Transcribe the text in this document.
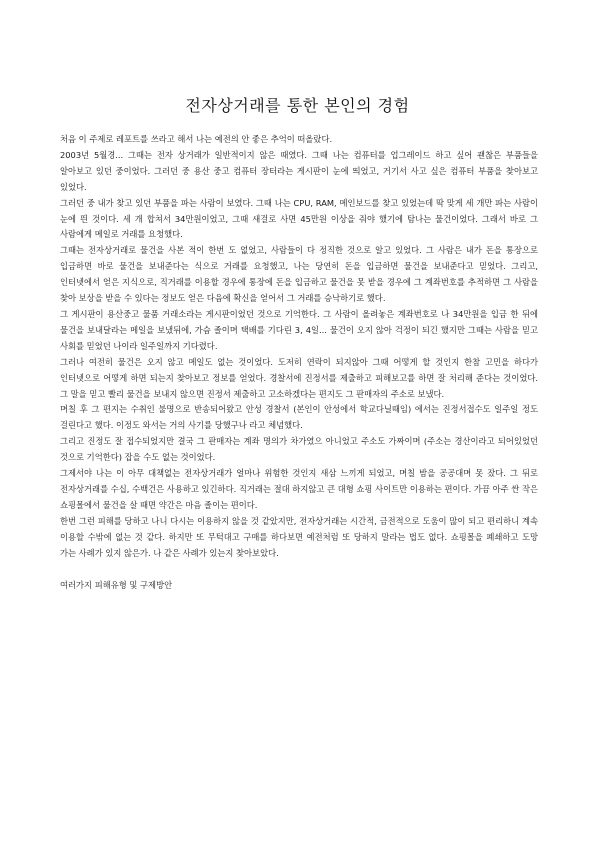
전자상거래를 통한 본인의 경험

처음 이 주제로 레포트를 쓰라고 해서 나는 예전의 안 좋은 추억이 떠올랐다.

2003년 5월경... 그때는 전자 상거래가 일반적이지 않은 때였다. 그때 나는 컴퓨터를 업그레이드 하고 싶어 괜찮은 부품들을 알아보고 있던 중이었다. 그러던 중 용산 중고 컴퓨터 장터라는 게시판이 눈에 띄었고, 거기서 사고 싶은 컴퓨터 부품을 찾아보고 있었다.

그러던 중 내가 찾고 있던 부품을 파는 사람이 보였다. 그때 나는 CPU, RAM, 메인보드를 찾고 있었는데 딱 맞게 세 개만 파는 사람이 눈에 띈 것이다. 세 개 합쳐서 34만원이었고, 그때 새걸로 사면 45만원 이상을 줘야 했기에 탐나는 물건이었다. 그래서 바로 그 사람에게 메일로 거래를 요청했다.

그때는 전자상거래로 물건을 사본 적이 한번 도 없었고, 사람들이 다 정직한 것으로 알고 있었다. 그 사람은 내가 돈을 통장으로 입금하면 바로 물건을 보내준다는 식으로 거래를 요청했고, 나는 당연히 돈을 입금하면 물건을 보내준다고 믿었다. 그리고, 인터넷에서 얻은 지식으로, 직거래를 이용할 경우에 통장에 돈을 입금하고 물건을 못 받을 경우에 그 계좌번호를 추적하면 그 사람을 찾아 보상을 받을 수 있다는 정보도 얻은 다음에 확신을 얻어서 그 거래를 승낙하기로 했다.

그 게시판이 용산중고 물품 거래소라는 게시판이었던 것으로 기억한다. 그 사람이 올려놓은 계좌번호로 나 34만원을 입금 한 뒤에 물건을 보내달라는 메일을 보냈뒤에, 가슴 졸이며 택배를 기다린 3, 4일... 물건이 오지 않아 걱정이 되긴 했지만 그때는 사람을 믿고 사회를 믿었던 나이라 일주일까지 기다렸다.

그러나 여전히 물건은 오지 않고 메일도 없는 것이었다. 도저히 연락이 되지않아 그때 어떻게 할 것인지 한참 고민을 하다가 인터넷으로 어떻게 하면 되는지 찾아보고 정보를 얻었다. 경찰서에 진정서를 제출하고 피해보고를 하면 잘 처리해 준다는 것이었다. 그 말을 믿고 빨리 물건을 보내지 않으면 진정서 제출하고 고소하겠다는 편지도 그 판매자의 주소로 보냈다.

며칠 후 그 편지는 수취인 불명으로 반송되어왔고 안성 경찰서 (본인이 안성에서 학교다닐때임) 에서는 진정서접수도 일주일 정도 걸린다고 했다. 이정도 와서는 거의 사기를 당했구나 라고 체념했다.

그리고 진정도 잘 접수되었지만 결국 그 판매자는 계좌 명의가 차가였으 아니었고 주소도 가짜이며 (주소는 경산이라고 되어있었던 것으로 기억한다) 잡을 수도 없는 것이었다.

그제서야 나는 이 아무 대책없는 전자상거래가 얼마나 위험한 것인지 새삼 느끼게 되었고, 며칠 밤을 공공대며 못 잤다. 그 뒤로 전자상거래를 수십, 수백건은 사용하고 있긴하다. 직거래는 절대 하지않고 큰 대형 쇼핑 사이트만 이용하는 편이다. 가끔 아주 싼 작은 쇼핑몰에서 물건을 살 때면 약간은 마음 졸이는 편이다.

한번 그런 피해를 당하고 나니 다시는 이용하지 않을 것 같았지만, 전자상거래는 시간적, 금전적으로 도움이 많이 되고 편리하니 계속 이용할 수밖에 없는 것 같다. 하지만 또 무턱대고 구매를 하다보면 예전처럼 또 당하지 말라는 법도 없다. 쇼핑몰을 폐쇄하고 도망 가는 사례가 있지 않은가. 나 같은 사례가 있는지 찾아보았다.

여러가지 피해유형 및 구제방안
